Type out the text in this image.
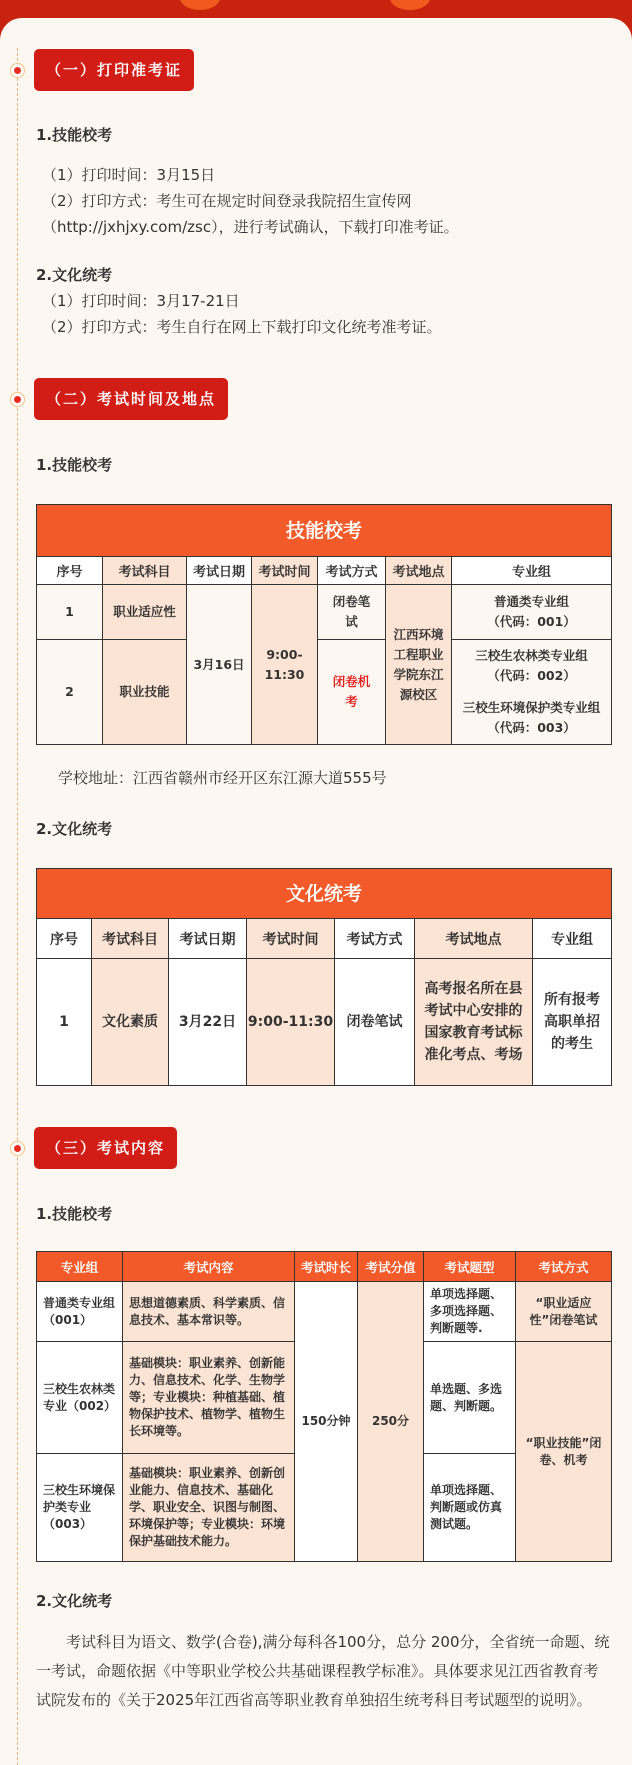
（一）打印准考证
1.技能校考
（1）打印时间：3月15日
（2）打印方式：考生可在规定时间登录我院招生宣传网
（http://jxhjxy.com/zsc），进行考试确认，下载打印准考证。
2.文化统考
（1）打印时间：3月17-21日
（2）打印方式：考生自行在网上下载打印文化统考准考证。
（二）考试时间及地点
1.技能校考
技能校考						
序号	考试科目	考试日期	考试时间	考试方式	考试地点	专业组
1	职业适应性	3月16日	9:00-11:30	闭卷笔试	江西环境工程职业学院东江源校区	普通类专业组
（代码：001）

2	职业技能			闭卷机考		三校生农林类专业组
（代码：002）
三校生环境保护类专业组
（代码：003）
学校地址：江西省赣州市经开区东江源大道555号
2.文化统考
文化统考						
序号	考试科目	考试日期	考试时间	考试方式	考试地点	专业组
1	文化素质	3月22日	9:00-11:30	闭卷笔试	高考报名所在县考试中心安排的国家教育考试标准化考点、考场	所有报考高职单招的考生
（三）考试内容
1.技能校考
专业组	考试内容	考试时长	考试分值	考试题型	考试方式
普通类专业组（001）	思想道德素质、科学素质、信息技术、基本常识等。	150分钟	250分	单项选择题、多项选择题、判断题等.	“职业适应性”闭卷笔试
三校生农林类专业（002）	基础模块：职业素养、创新能力、信息技术、化学、生物学等；专业模块：种植基础、植物保护技术、植物学、植物生长环境等。			单选题、多选题、判断题。	“职业技能”闭卷、机考
三校生环境保护类专业（003）	基础模块：职业素养、创新创业能力、信息技术、基础化学、职业安全、识图与制图、环境保护等；专业模块：环境保护基础技术能力。			单项选择题、判断题或仿真测试题。	
2.文化统考
考试科目为语文、数学(合卷),满分每科各100分，总分 200分，全省统一命题、统一考试，命题依据《中等职业学校公共基础课程教学标准》。具体要求见江西省教育考试院发布的《关于2025年江西省高等职业教育单独招生统考科目考试题型的说明》。
